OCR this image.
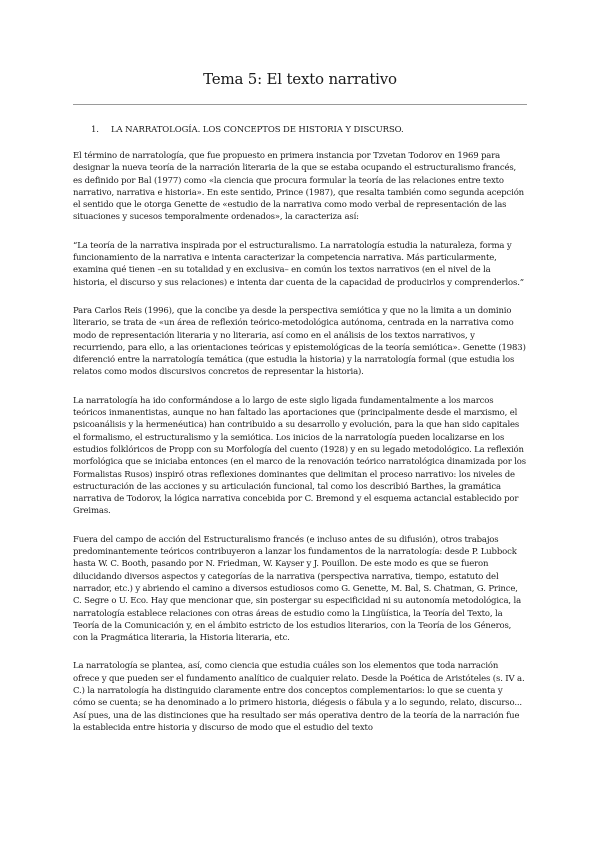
Tema 5: El texto narrativo
1. LA NARRATOLOGÍA. LOS CONCEPTOS DE HISTORIA Y DISCURSO.

El término de narratología, que fue propuesto en primera instancia por Tzvetan Todorov en 1969 para designar la nueva teoría de la narración literaria de la que se estaba ocupando el estructuralismo francés, es definido por Bal (1977) como «la ciencia que procura formular la teoría de las relaciones entre texto narrativo, narrativa e historia». En este sentido, Prince (1987), que resalta también como segunda acepción el sentido que le otorga Genette de «estudio de la narrativa como modo verbal de representación de las situaciones y sucesos temporalmente ordenados», la caracteriza así:

“La teoría de la narrativa inspirada por el estructuralismo. La narratología estudia la naturaleza, forma y funcionamiento de la narrativa e intenta caracterizar la competencia narrativa. Más particularmente, examina qué tienen –en su totalidad y en exclusiva– en común los textos narrativos (en el nivel de la historia, el discurso y sus relaciones) e intenta dar cuenta de la capacidad de producirlos y comprenderlos.”

Para Carlos Reis (1996), que la concibe ya desde la perspectiva semiótica y que no la limita a un dominio literario, se trata de «un área de reflexión teórico-metodológica autónoma, centrada en la narrativa como modo de representación literaria y no literaria, así como en el análisis de los textos narrativos, y recurriendo, para ello, a las orientaciones teóricas y epistemológicas de la teoría semiótica». Genette (1983) diferenció entre la narratología temática (que estudia la historia) y la narratología formal (que estudia los relatos como modos discursivos concretos de representar la historia).

La narratología ha ido conformándose a lo largo de este siglo ligada fundamentalmente a los marcos teóricos inmanentistas, aunque no han faltado las aportaciones que (principalmente desde el marxismo, el psicoanálisis y la hermenéutica) han contribuido a su desarrollo y evolución, para la que han sido capitales el formalismo, el estructuralismo y la semiótica. Los inicios de la narratología pueden localizarse en los estudios folklóricos de Propp con su Morfología del cuento (1928) y en su legado metodológico. La reflexión morfológica que se iniciaba entonces (en el marco de la renovación teórico narratológica dinamizada por los Formalistas Rusos) inspiró otras reflexiones dominantes que delimitan el proceso narrativo: los niveles de estructuración de las acciones y su articulación funcional, tal como los describió Barthes, la gramática narrativa de Todorov, la lógica narrativa concebida por C. Bremond y el esquema actancial establecido por Greimas.

Fuera del campo de acción del Estructuralismo francés (e incluso antes de su difusión), otros trabajos predominantemente teóricos contribuyeron a lanzar los fundamentos de la narratología: desde P. Lubbock hasta W. C. Booth, pasando por N. Friedman, W. Kayser y J. Pouillon. De este modo es que se fueron dilucidando diversos aspectos y categorías de la narrativa (perspectiva narrativa, tiempo, estatuto del narrador, etc.) y abriendo el camino a diversos estudiosos como G. Genette, M. Bal, S. Chatman, G. Prince, C. Segre o U. Eco. Hay que mencionar que, sin postergar su especificidad ni su autonomía metodológica, la narratología establece relaciones con otras áreas de estudio como la Lingüística, la Teoría del Texto, la Teoría de la Comunicación y, en el ámbito estricto de los estudios literarios, con la Teoría de los Géneros, con la Pragmática literaria, la Historia literaria, etc.

La narratología se plantea, así, como ciencia que estudia cuáles son los elementos que toda narración ofrece y que pueden ser el fundamento analítico de cualquier relato. Desde la Poética de Aristóteles (s. IV a. C.) la narratología ha distinguido claramente entre dos conceptos complementarios: lo que se cuenta y cómo se cuenta; se ha denominado a lo primero historia, diégesis o fábula y a lo segundo, relato, discurso... Así pues, una de las distinciones que ha resultado ser más operativa dentro de la teoría de la narración fue la establecida entre historia y discurso de modo que el estudio del texto
